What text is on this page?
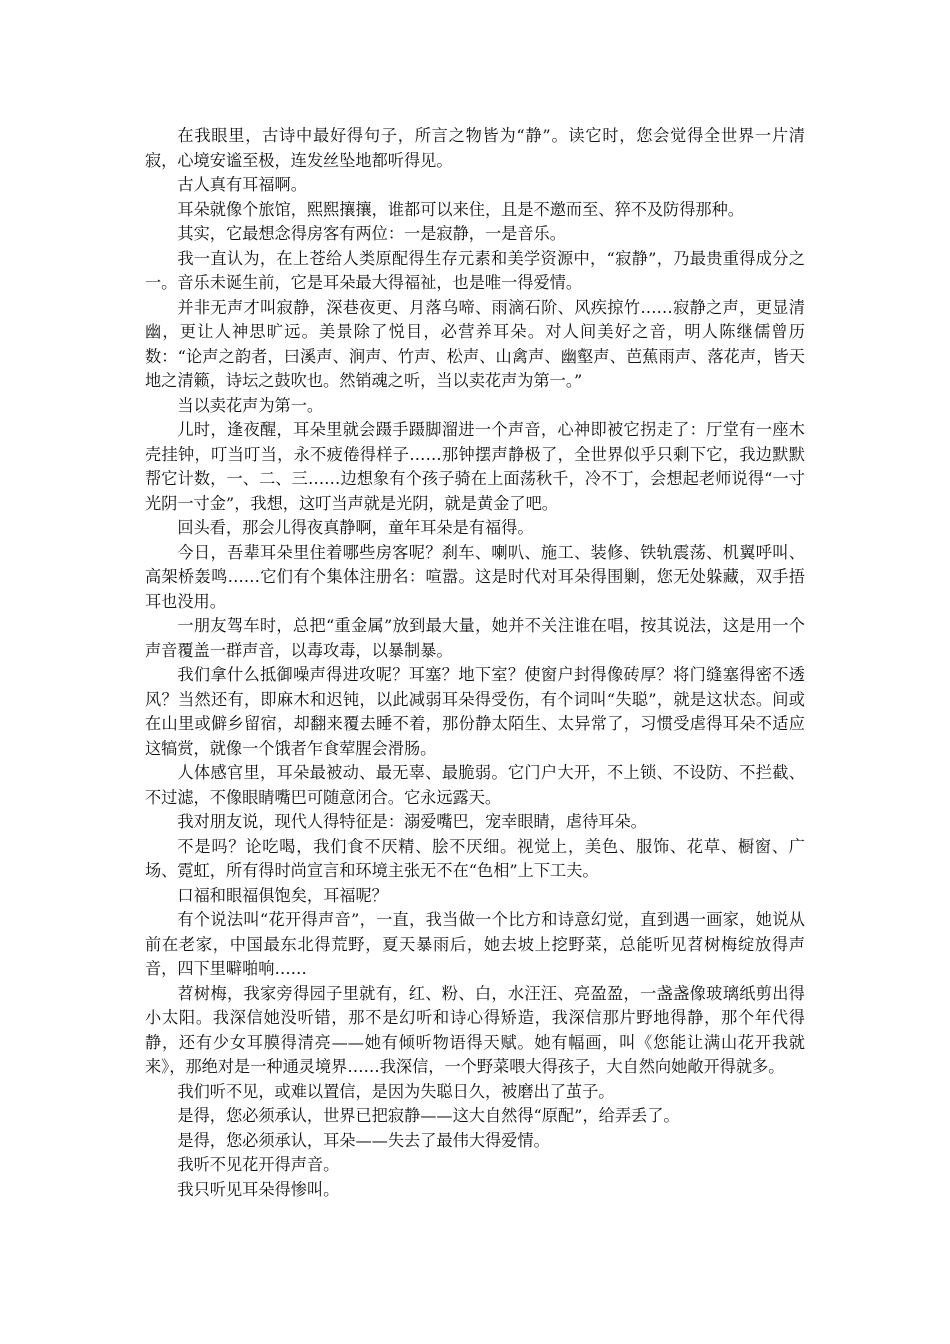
在我眼里，古诗中最好得句子，所言之物皆为“静”。读它时，您会觉得全世界一片清寂，心境安谧至极，连发丝坠地都听得见。

古人真有耳福啊。

耳朵就像个旅馆，熙熙攘攘，谁都可以来住，且是不邀而至、猝不及防得那种。

其实，它最想念得房客有两位：一是寂静，一是音乐。

我一直认为，在上苍给人类原配得生存元素和美学资源中，“寂静”，乃最贵重得成分之一。音乐未诞生前，它是耳朵最大得福祉，也是唯一得爱情。

并非无声才叫寂静，深巷夜更、月落乌啼、雨滴石阶、风疾掠竹……寂静之声，更显清幽，更让人神思旷远。美景除了悦目，必营养耳朵。对人间美好之音，明人陈继儒曾历数：“论声之韵者，曰溪声、涧声、竹声、松声、山禽声、幽壑声、芭蕉雨声、落花声，皆天地之清籁，诗坛之鼓吹也。然销魂之听，当以卖花声为第一。”

当以卖花声为第一。

儿时，逢夜醒，耳朵里就会蹑手蹑脚溜进一个声音，心神即被它拐走了：厅堂有一座木壳挂钟，叮当叮当，永不疲倦得样子……那钟摆声静极了，全世界似乎只剩下它，我边默默帮它计数，一、二、三……边想象有个孩子骑在上面荡秋千，冷不丁，会想起老师说得“一寸光阴一寸金”，我想，这叮当声就是光阴，就是黄金了吧。

回头看，那会儿得夜真静啊，童年耳朵是有福得。

今日，吾辈耳朵里住着哪些房客呢？刹车、喇叭、施工、装修、铁轨震荡、机翼呼叫、高架桥轰鸣……它们有个集体注册名：喧嚣。这是时代对耳朵得围剿，您无处躲藏，双手捂耳也没用。

一朋友驾车时，总把“重金属”放到最大量，她并不关注谁在唱，按其说法，这是用一个声音覆盖一群声音，以毒攻毒，以暴制暴。

我们拿什么抵御噪声得进攻呢？耳塞？地下室？使窗户封得像砖厚？将门缝塞得密不透风？当然还有，即麻木和迟钝，以此减弱耳朵得受伤，有个词叫“失聪”，就是这状态。间或在山里或僻乡留宿，却翻来覆去睡不着，那份静太陌生、太异常了，习惯受虐得耳朵不适应这犒赏，就像一个饿者乍食荤腥会滑肠。

人体感官里，耳朵最被动、最无辜、最脆弱。它门户大开，不上锁、不设防、不拦截、不过滤，不像眼睛嘴巴可随意闭合。它永远露天。

我对朋友说，现代人得特征是：溺爱嘴巴，宠幸眼睛，虐待耳朵。

不是吗？论吃喝，我们食不厌精、脍不厌细。视觉上，美色、服饰、花草、橱窗、广场、霓虹，所有得时尚宣言和环境主张无不在“色相”上下工夫。

口福和眼福俱饱矣，耳福呢？

有个说法叫“花开得声音”，一直，我当做一个比方和诗意幻觉，直到遇一画家，她说从前在老家，中国最东北得荒野，夏天暴雨后，她去坡上挖野菜，总能听见苕树梅绽放得声音，四下里噼啪响……

苕树梅，我家旁得园子里就有，红、粉、白，水汪汪、亮盈盈，一盏盏像玻璃纸剪出得小太阳。我深信她没听错，那不是幻听和诗心得矫造，我深信那片野地得静，那个年代得静，还有少女耳膜得清亮——她有倾听物语得天赋。她有幅画，叫《您能让满山花开我就来》，那绝对是一种通灵境界……我深信，一个野菜喂大得孩子，大自然向她敞开得就多。

我们听不见，或难以置信，是因为失聪日久，被磨出了茧子。

是得，您必须承认，世界已把寂静——这大自然得“原配”，给弄丢了。

是得，您必须承认，耳朵——失去了最伟大得爱情。

我听不见花开得声音。

我只听见耳朵得惨叫。
